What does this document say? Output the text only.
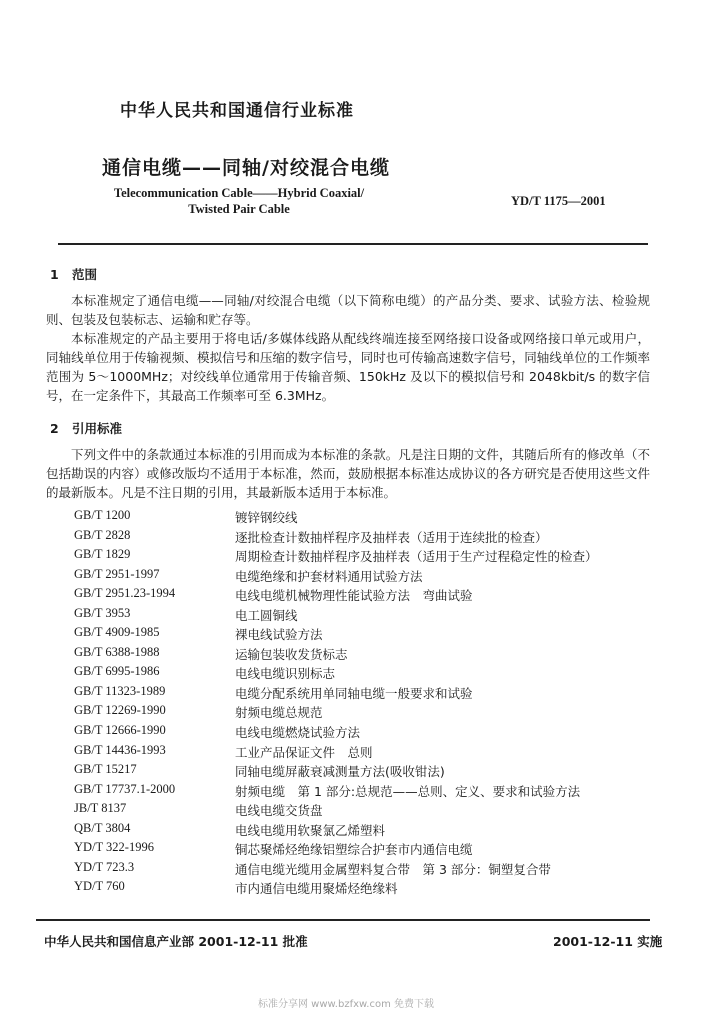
中华人民共和国通信行业标准
通信电缆——同轴/对绞混合电缆
Telecommunication Cable——Hybrid Coaxial/ Twisted Pair Cable
YD/T 1175—2001
1 范围
本标准规定了通信电缆——同轴/对绞混合电缆（以下简称电缆）的产品分类、要求、试验方法、检验规则、包装及包装标志、运输和贮存等。
本标准规定的产品主要用于将电话/多媒体线路从配线终端连接至网络接口设备或网络接口单元或用户，同轴线单位用于传输视频、模拟信号和压缩的数字信号，同时也可传输高速数字信号，同轴线单位的工作频率范围为 5～1000MHz；对绞线单位通常用于传输音频、150kHz 及以下的模拟信号和 2048kbit/s 的数字信号，在一定条件下，其最高工作频率可至 6.3MHz。
2 引用标准
下列文件中的条款通过本标准的引用而成为本标准的条款。凡是注日期的文件，其随后所有的修改单（不包括勘误的内容）或修改版均不适用于本标准，然而，鼓励根据本标准达成协议的各方研究是否使用这些文件的最新版本。凡是不注日期的引用，其最新版本适用于本标准。
GB/T 1200	镀锌钢绞线
GB/T 2828	逐批检查计数抽样程序及抽样表（适用于连续批的检查）
GB/T 1829	周期检查计数抽样程序及抽样表（适用于生产过程稳定性的检查）
GB/T 2951-1997	电缆绝缘和护套材料通用试验方法
GB/T 2951.23-1994	电线电缆机械物理性能试验方法　弯曲试验
GB/T 3953	电工圆铜线
GB/T 4909-1985	裸电线试验方法
GB/T 6388-1988	运输包装收发货标志
GB/T 6995-1986	电线电缆识别标志
GB/T 11323-1989	电缆分配系统用单同轴电缆一般要求和试验
GB/T 12269-1990	射频电缆总规范
GB/T 12666-1990	电线电缆燃烧试验方法
GB/T 14436-1993	工业产品保证文件　总则
GB/T 15217	同轴电缆屏蔽衰减测量方法(吸收钳法)
GB/T 17737.1-2000	射频电缆　第 1 部分:总规范——总则、定义、要求和试验方法
JB/T 8137	电线电缆交货盘
QB/T 3804	电线电缆用软聚氯乙烯塑料
YD/T 322-1996	铜芯聚烯烃绝缘铝塑综合护套市内通信电缆
YD/T 723.3	通信电缆光缆用金属塑料复合带　第 3 部分：铜塑复合带
YD/T 760	市内通信电缆用聚烯烃绝缘料
中华人民共和国信息产业部 2001-12-11 批准	2001-12-11 实施
标准分享网 www.bzfxw.com 免费下载
